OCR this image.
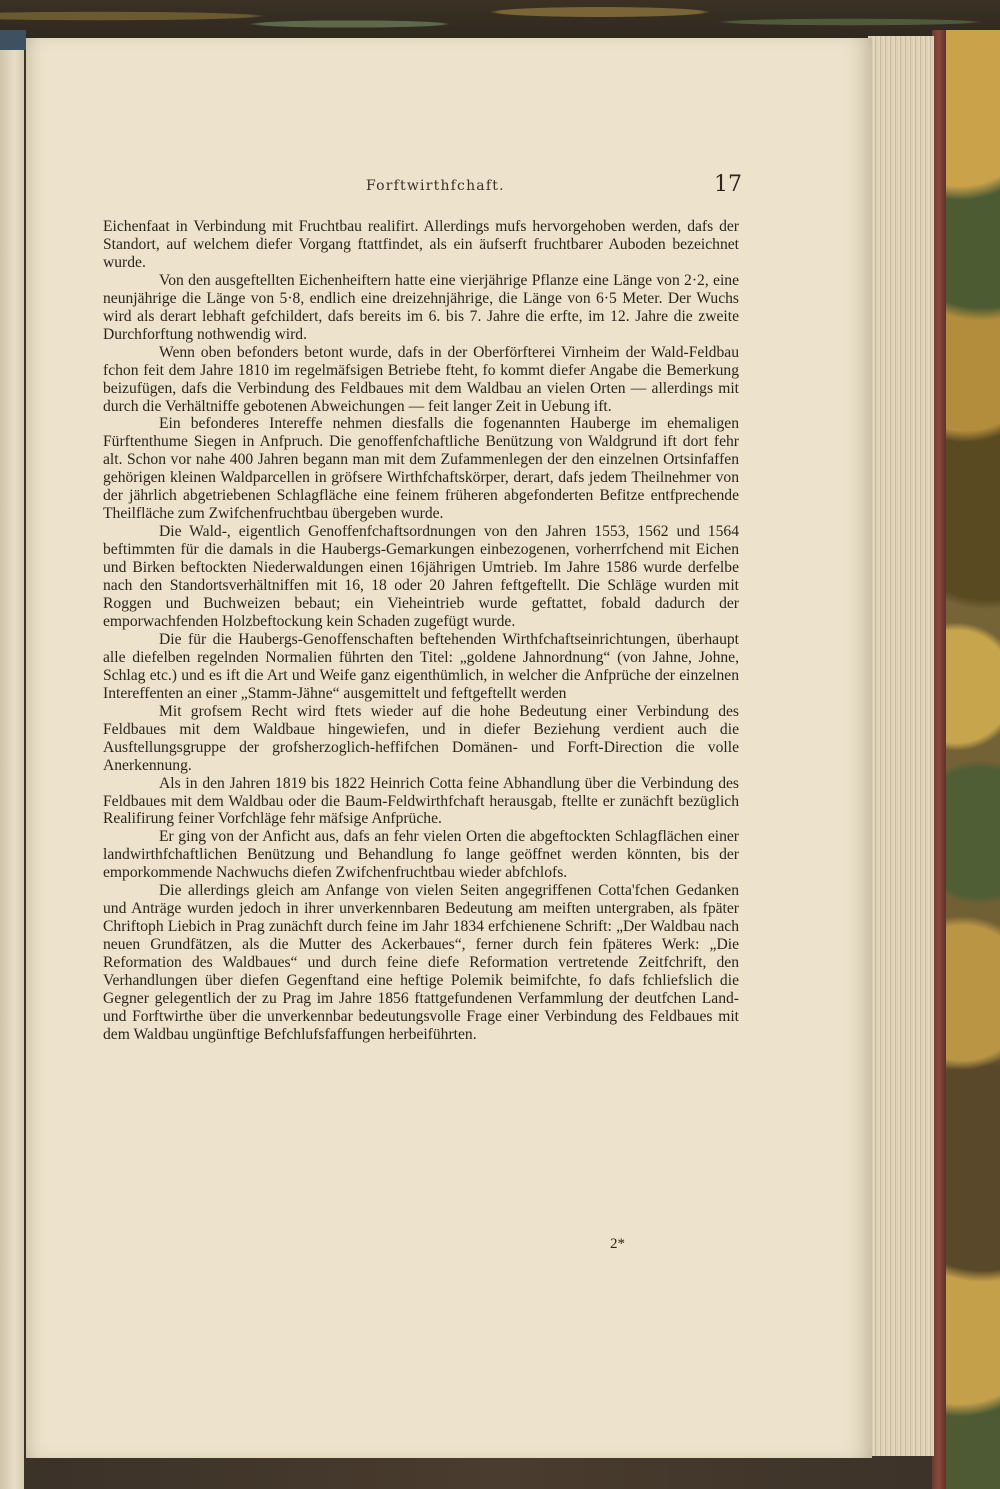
Forftwirthfchaft.	17

Eichenfaat in Verbindung mit Fruchtbau realifirt. Allerdings mufs hervorgehoben werden, dafs der Standort, auf welchem diefer Vorgang ftattfindet, als ein äufserft fruchtbarer Auboden bezeichnet wurde.

Von den ausgeftellten Eichenheiftern hatte eine vierjährige Pflanze eine Länge von 2·2, eine neunjährige die Länge von 5·8, endlich eine dreizehnjährige, die Länge von 6·5 Meter. Der Wuchs wird als derart lebhaft gefchildert, dafs bereits im 6. bis 7. Jahre die erfte, im 12. Jahre die zweite Durchforftung nothwendig wird.

Wenn oben befonders betont wurde, dafs in der Oberförfterei Virnheim der Wald-Feldbau fchon feit dem Jahre 1810 im regelmäfsigen Betriebe fteht, fo kommt diefer Angabe die Bemerkung beizufügen, dafs die Verbindung des Feldbaues mit dem Waldbau an vielen Orten — allerdings mit durch die Verhältniffe gebotenen Abweichungen — feit langer Zeit in Uebung ift.

Ein befonderes Intereffe nehmen diesfalls die fogenannten Hauberge im ehemaligen Fürftenthume Siegen in Anfpruch. Die genoffenfchaftliche Benützung von Waldgrund ift dort fehr alt. Schon vor nahe 400 Jahren begann man mit dem Zufammenlegen der den einzelnen Ortsinfaffen gehörigen kleinen Waldparcellen in gröfsere Wirthfchaftskörper, derart, dafs jedem Theilnehmer von der jährlich abgetriebenen Schlagfläche eine feinem früheren abgefonderten Befitze entfprechende Theilfläche zum Zwifchenfruchtbau übergeben wurde.

Die Wald-, eigentlich Genoffenfchaftsordnungen von den Jahren 1553, 1562 und 1564 beftimmten für die damals in die Haubergs-Gemarkungen einbezogenen, vorherrfchend mit Eichen und Birken beftockten Niederwaldungen einen 16jährigen Umtrieb. Im Jahre 1586 wurde derfelbe nach den Standortsverhältniffen mit 16, 18 oder 20 Jahren feftgeftellt. Die Schläge wurden mit Roggen und Buchweizen bebaut; ein Vieheintrieb wurde geftattet, fobald dadurch der emporwachfenden Holzbeftockung kein Schaden zugefügt wurde.

Die für die Haubergs-Genoffenschaften beftehenden Wirthfchaftseinrichtungen, überhaupt alle diefelben regelnden Normalien führten den Titel: „goldene Jahnordnung“ (von Jahne, Johne, Schlag etc.) und es ift die Art und Weife ganz eigenthümlich, in welcher die Anfprüche der einzelnen Intereffenten an einer „Stamm-Jähne“ ausgemittelt und feftgeftellt werden

Mit grofsem Recht wird ftets wieder auf die hohe Bedeutung einer Verbindung des Feldbaues mit dem Waldbaue hingewiefen, und in diefer Beziehung verdient auch die Ausftellungsgruppe der grofsherzoglich-heffifchen Domänen- und Forft-Direction die volle Anerkennung.

Als in den Jahren 1819 bis 1822 Heinrich Cotta feine Abhandlung über die Verbindung des Feldbaues mit dem Waldbau oder die Baum-Feldwirthfchaft herausgab, ftellte er zunächft bezüglich Realifirung feiner Vorfchläge fehr mäfsige Anfprüche.

Er ging von der Anficht aus, dafs an fehr vielen Orten die abgeftockten Schlagflächen einer landwirthfchaftlichen Benützung und Behandlung fo lange geöffnet werden könnten, bis der emporkommende Nachwuchs diefen Zwifchenfruchtbau wieder abfchlofs.

Die allerdings gleich am Anfange von vielen Seiten angegriffenen Cotta'fchen Gedanken und Anträge wurden jedoch in ihrer unverkennbaren Bedeutung am meiften untergraben, als fpäter Chriftoph Liebich in Prag zunächft durch feine im Jahr 1834 erfchienene Schrift: „Der Waldbau nach neuen Grundfätzen, als die Mutter des Ackerbaues“, ferner durch fein fpäteres Werk: „Die Reformation des Waldbaues“ und durch feine diefe Reformation vertretende Zeitfchrift, den Verhandlungen über diefen Gegenftand eine heftige Polemik beimifchte, fo dafs fchliefslich die Gegner gelegentlich der zu Prag im Jahre 1856 ftattgefundenen Verfammlung der deutfchen Land- und Forftwirthe über die unverkennbar bedeutungsvolle Frage einer Verbindung des Feldbaues mit dem Waldbau ungünftige Befchlufsfaffungen herbeiführten.

2*
